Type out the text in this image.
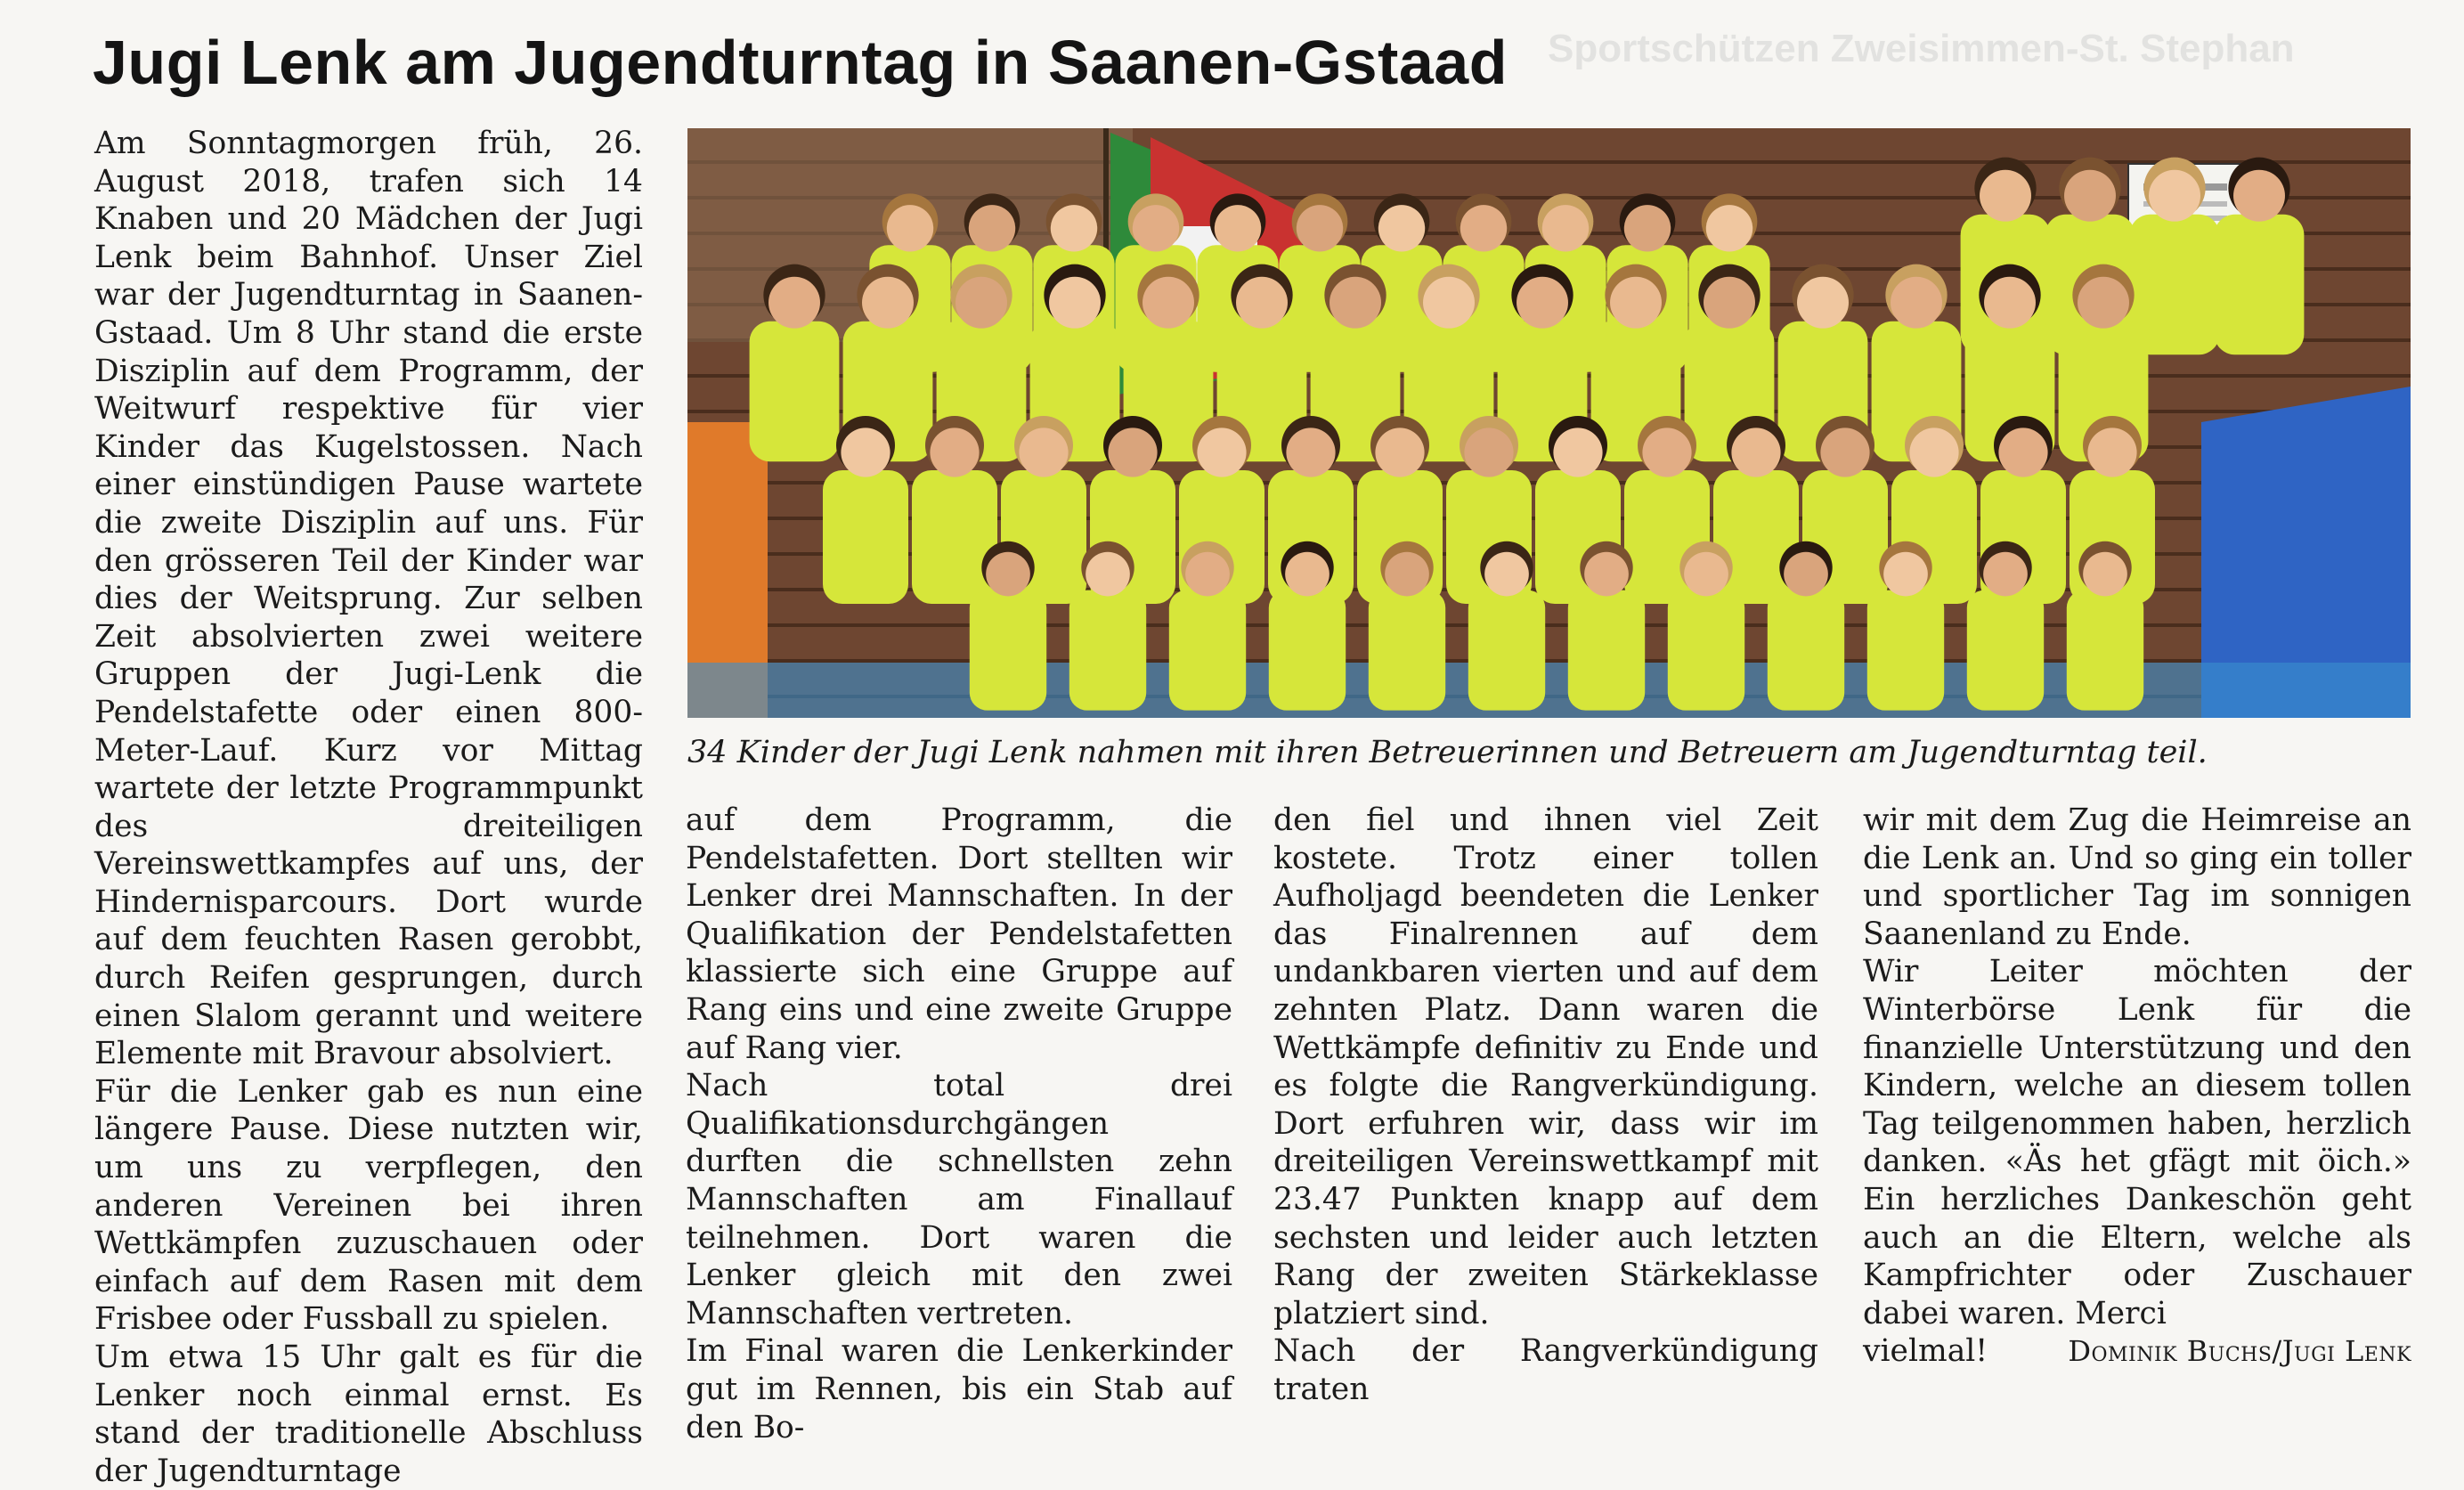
Sportschützen Zweisimmen-St. Stephan
Jugi Lenk am Jugendturntag in Saanen-Gstaad
34 Kinder der Jugi Lenk nahmen mit ihren Betreuerinnen und Betreuern am Jugendturntag teil.

Am Sonntagmorgen früh, 26. August 2018, trafen sich 14 Knaben und 20 Mädchen der Jugi Lenk beim Bahnhof. Unser Ziel war der Jugendturntag in Saanen-Gstaad. Um 8 Uhr stand die erste Disziplin auf dem Programm, der Weitwurf respektive für vier Kinder das Kugelstossen. Nach einer einstündigen Pause wartete die zweite Disziplin auf uns. Für den grösseren Teil der Kinder war dies der Weitsprung. Zur selben Zeit absolvierten zwei weitere Gruppen der Jugi-Lenk die Pendelstafette oder einen 800-Meter-Lauf. Kurz vor Mittag wartete der letzte Programmpunkt des dreiteiligen Vereinswettkampfes auf uns, der Hindernisparcours. Dort wurde auf dem feuchten Rasen gerobbt, durch Reifen gesprungen, durch einen Slalom gerannt und weitere Elemente mit Bravour absolviert.

Für die Lenker gab es nun eine längere Pause. Diese nutzten wir, um uns zu verpflegen, den anderen Vereinen bei ihren Wettkämpfen zuzuschauen oder einfach auf dem Rasen mit dem Frisbee oder Fussball zu spielen.

Um etwa 15 Uhr galt es für die Lenker noch einmal ernst. Es stand der traditionelle Abschluss der Jugendturntage

auf dem Programm, die Pendelstafetten. Dort stellten wir Lenker drei Mannschaften. In der Qualifikation der Pendelstafetten klassierte sich eine Gruppe auf Rang eins und eine zweite Gruppe auf Rang vier.

Nach total drei Qualifikationsdurchgängen durften die schnellsten zehn Mannschaften am Finallauf teilnehmen. Dort waren die Lenker gleich mit den zwei Mannschaften vertreten.

Im Final waren die Lenkerkinder gut im Rennen, bis ein Stab auf den Bo-

den fiel und ihnen viel Zeit kostete. Trotz einer tollen Aufholjagd beendeten die Lenker das Finalrennen auf dem undankbaren vierten und auf dem zehnten Platz. Dann waren die Wettkämpfe definitiv zu Ende und es folgte die Rangverkündigung. Dort erfuhren wir, dass wir im dreiteiligen Vereinswettkampf mit 23.47 Punkten knapp auf dem sechsten und leider auch letzten Rang der zweiten Stärkeklasse platziert sind.

Nach der Rangverkündigung traten

wir mit dem Zug die Heimreise an die Lenk an. Und so ging ein toller und sportlicher Tag im sonnigen Saanenland zu Ende.

Wir Leiter möchten der Winterbörse Lenk für die finanzielle Unterstützung und den Kindern, welche an diesem tollen Tag teilgenommen haben, herzlich danken. «Äs het gfägt mit öich.» Ein herzliches Dankeschön geht auch an die Eltern, welche als Kampfrichter oder Zuschauer dabei waren. Merci

vielmal!	Dominik Buchs/Jugi Lenk
